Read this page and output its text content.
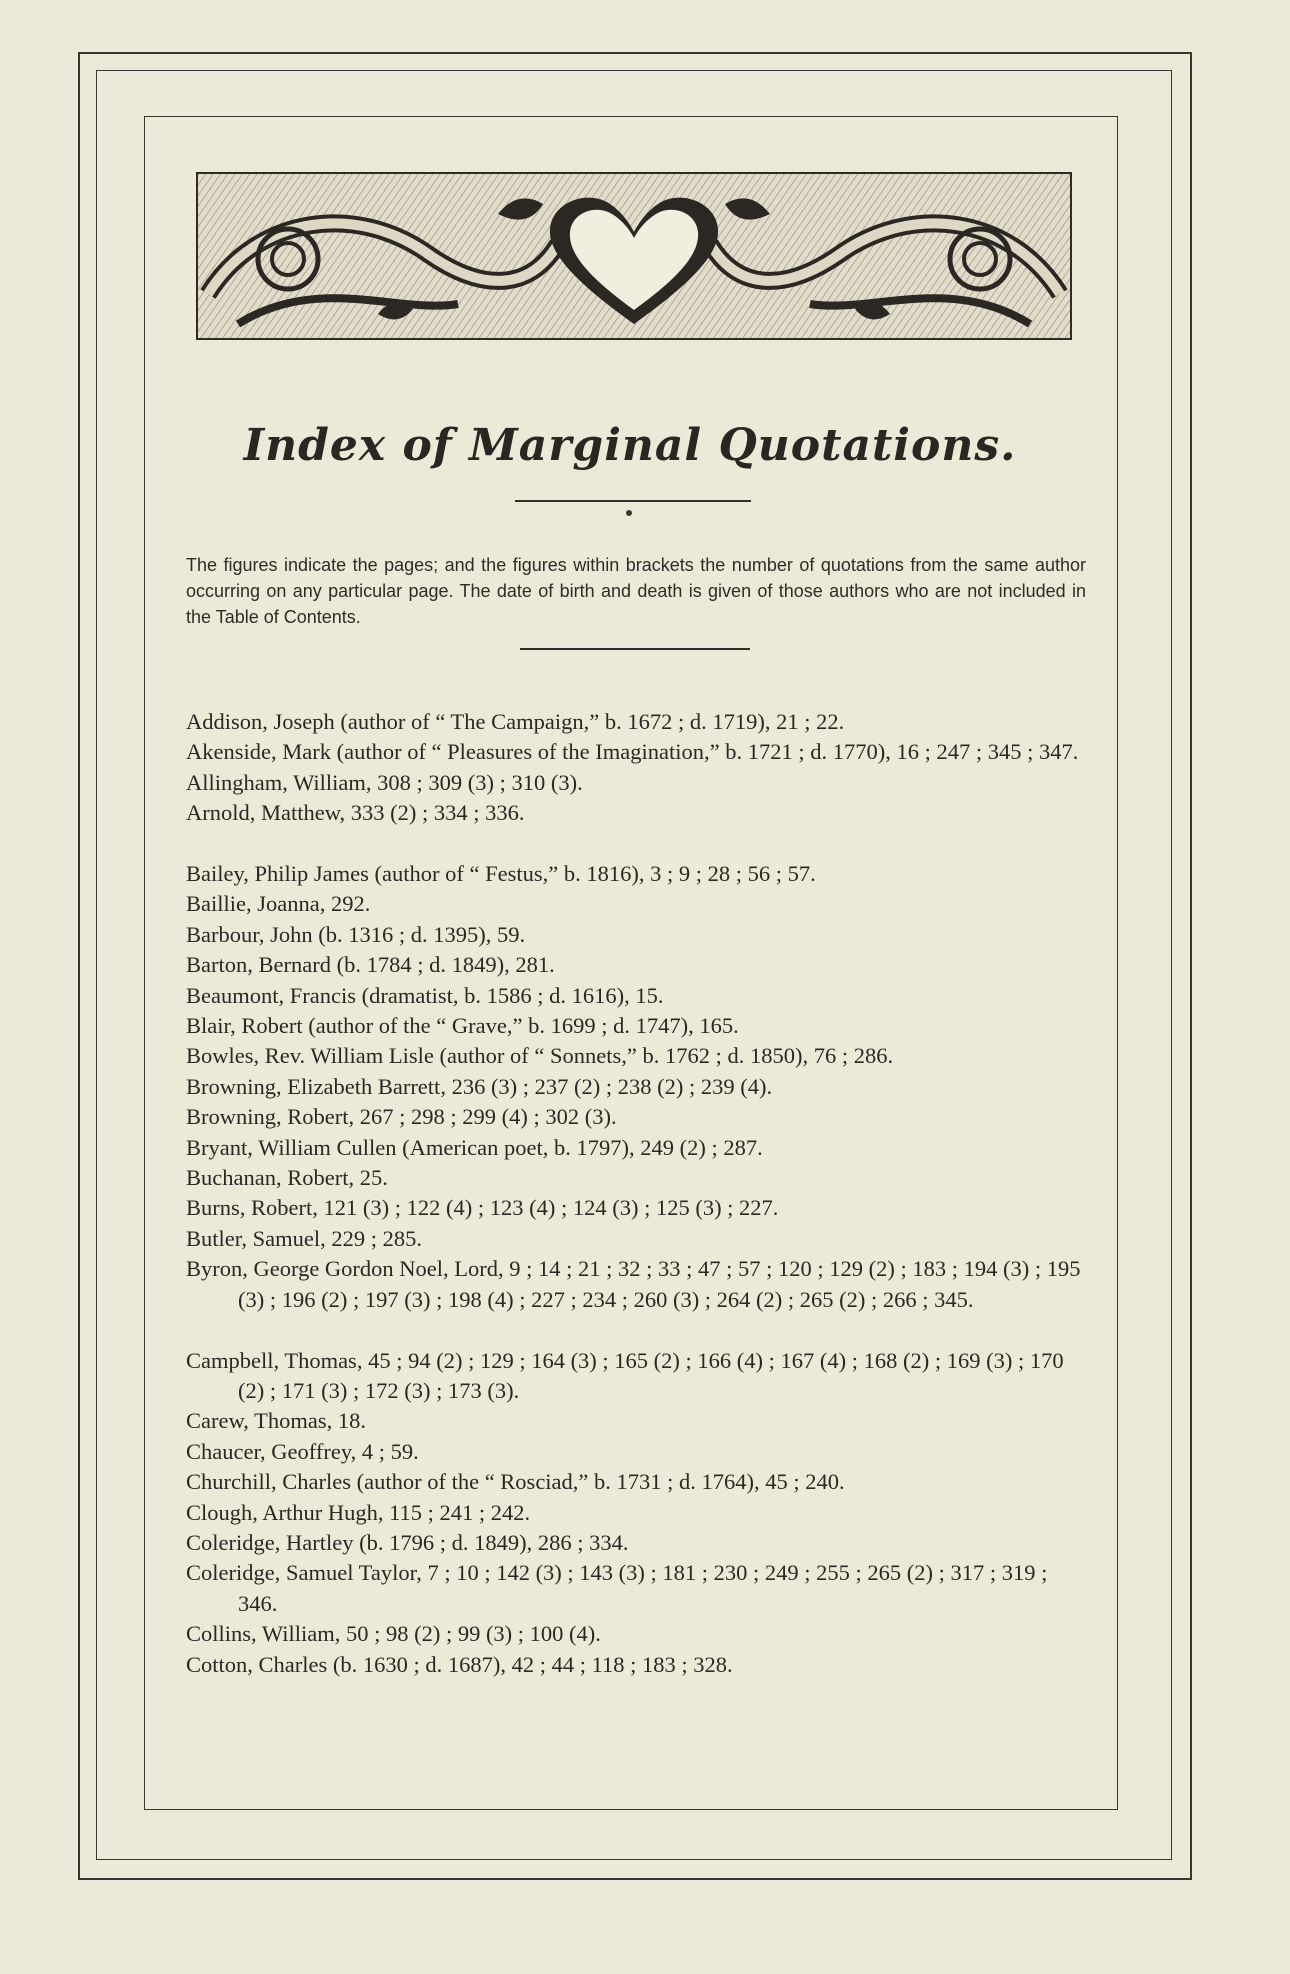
Index of Marginal Quotations.
The figures indicate the pages; and the figures within brackets the number of quotations from the same author occurring on any particular page. The date of birth and death is given of those authors who are not included in the Table of Contents.
Addison, Joseph (author of “ The Campaign,” b. 1672 ; d. 1719), 21 ; 22.
Akenside, Mark (author of “ Pleasures of the Imagination,” b. 1721 ; d. 1770), 16 ; 247 ; 345 ; 347.
Allingham, William, 308 ; 309 (3) ; 310 (3).
Arnold, Matthew, 333 (2) ; 334 ; 336.
Bailey, Philip James (author of “ Festus,” b. 1816), 3 ; 9 ; 28 ; 56 ; 57.
Baillie, Joanna, 292.
Barbour, John (b. 1316 ; d. 1395), 59.
Barton, Bernard (b. 1784 ; d. 1849), 281.
Beaumont, Francis (dramatist, b. 1586 ; d. 1616), 15.
Blair, Robert (author of the “ Grave,” b. 1699 ; d. 1747), 165.
Bowles, Rev. William Lisle (author of “ Sonnets,” b. 1762 ; d. 1850), 76 ; 286.
Browning, Elizabeth Barrett, 236 (3) ; 237 (2) ; 238 (2) ; 239 (4).
Browning, Robert, 267 ; 298 ; 299 (4) ; 302 (3).
Bryant, William Cullen (American poet, b. 1797), 249 (2) ; 287.
Buchanan, Robert, 25.
Burns, Robert, 121 (3) ; 122 (4) ; 123 (4) ; 124 (3) ; 125 (3) ; 227.
Butler, Samuel, 229 ; 285.
Byron, George Gordon Noel, Lord, 9 ; 14 ; 21 ; 32 ; 33 ; 47 ; 57 ; 120 ; 129 (2) ; 183 ; 194 (3) ; 195 (3) ; 196 (2) ; 197 (3) ; 198 (4) ; 227 ; 234 ; 260 (3) ; 264 (2) ; 265 (2) ; 266 ; 345.
Campbell, Thomas, 45 ; 94 (2) ; 129 ; 164 (3) ; 165 (2) ; 166 (4) ; 167 (4) ; 168 (2) ; 169 (3) ; 170 (2) ; 171 (3) ; 172 (3) ; 173 (3).
Carew, Thomas, 18.
Chaucer, Geoffrey, 4 ; 59.
Churchill, Charles (author of the “ Rosciad,” b. 1731 ; d. 1764), 45 ; 240.
Clough, Arthur Hugh, 115 ; 241 ; 242.
Coleridge, Hartley (b. 1796 ; d. 1849), 286 ; 334.
Coleridge, Samuel Taylor, 7 ; 10 ; 142 (3) ; 143 (3) ; 181 ; 230 ; 249 ; 255 ; 265 (2) ; 317 ; 319 ; 346.
Collins, William, 50 ; 98 (2) ; 99 (3) ; 100 (4).
Cotton, Charles (b. 1630 ; d. 1687), 42 ; 44 ; 118 ; 183 ; 328.
